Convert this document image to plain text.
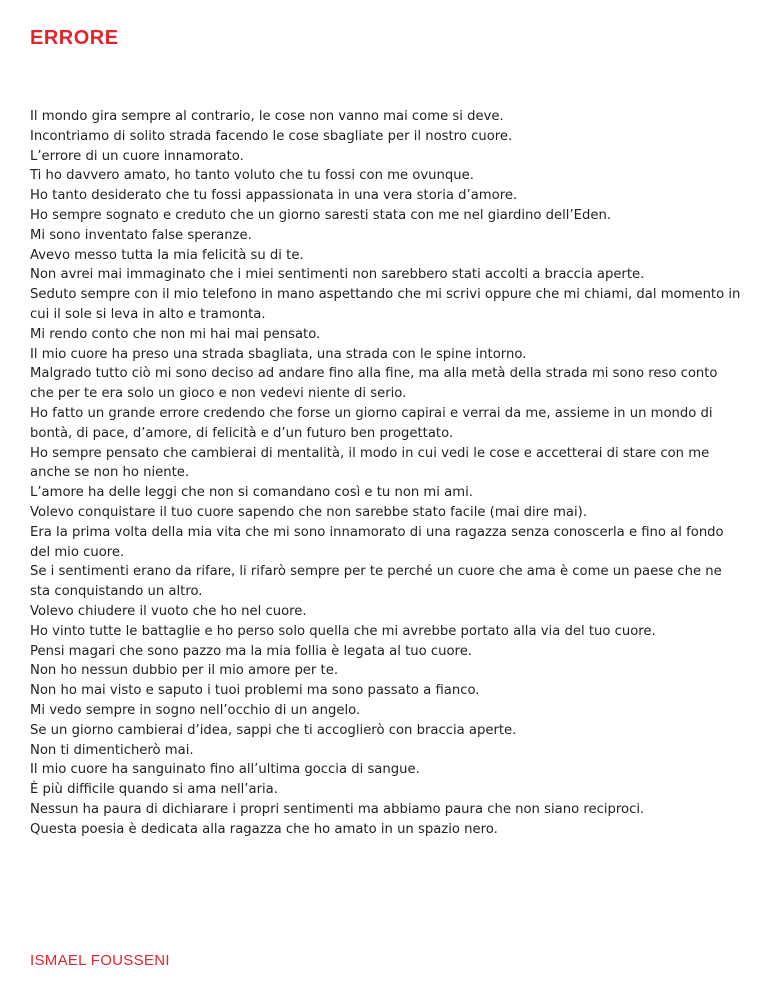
ERRORE
Il mondo gira sempre al contrario, le cose non vanno mai come si deve.
Incontriamo di solito strada facendo le cose sbagliate per il nostro cuore.
L’errore di un cuore innamorato.
Ti ho davvero amato, ho tanto voluto che tu fossi con me ovunque.
Ho tanto desiderato che tu fossi appassionata in una vera storia d’amore.
Ho sempre sognato e creduto che un giorno saresti stata con me nel giardino dell’Eden.
Mi sono inventato false speranze.
Avevo messo tutta la mia felicità su di te.
Non avrei mai immaginato che i miei sentimenti non sarebbero stati accolti a braccia aperte.
Seduto sempre con il mio telefono in mano aspettando che mi scrivi oppure che mi chiami, dal momento in cui il sole si leva in alto e tramonta.
Mi rendo conto che non mi hai mai pensato.
Il mio cuore ha preso una strada sbagliata, una strada con le spine intorno.
Malgrado tutto ciò mi sono deciso ad andare fino alla fine, ma alla metà della strada mi sono reso conto che per te era solo un gioco e non vedevi niente di serio.
Ho fatto un grande errore credendo che forse un giorno capirai e verrai da me, assieme in un mondo di bontà, di pace, d’amore, di felicità e d’un futuro ben progettato.
Ho sempre pensato che cambierai di mentalità, il modo in cui vedi le cose e accetterai di stare con me anche se non ho niente.
L’amore ha delle leggi che non si comandano così e tu non mi ami.
Volevo conquistare il tuo cuore sapendo che non sarebbe stato facile (mai dire mai).
Era la prima volta della mia vita che mi sono innamorato di una ragazza senza conoscerla e fino al fondo del mio cuore.
Se i sentimenti erano da rifare, li rifarò sempre per te perché un cuore che ama è come un paese che ne sta conquistando un altro.
Volevo chiudere il vuoto che ho nel cuore.
Ho vinto tutte le battaglie e ho perso solo quella che mi avrebbe portato alla via del tuo cuore.
Pensi magari che sono pazzo ma la mia follia è legata al tuo cuore.
Non ho nessun dubbio per il mio amore per te.
Non ho mai visto e saputo i tuoi problemi ma sono passato a fianco.
Mi vedo sempre in sogno nell’occhio di un angelo.
Se un giorno cambierai d’idea, sappi che ti accoglierò con braccia aperte.
Non ti dimenticherò mai.
Il mio cuore ha sanguinato fino all’ultima goccia di sangue.
È più difficile quando si ama nell’aria.
Nessun ha paura di dichiarare i propri sentimenti ma abbiamo paura che non siano reciproci.
Questa poesia è dedicata alla ragazza che ho amato in un spazio nero.

ISMAEL FOUSSENI
